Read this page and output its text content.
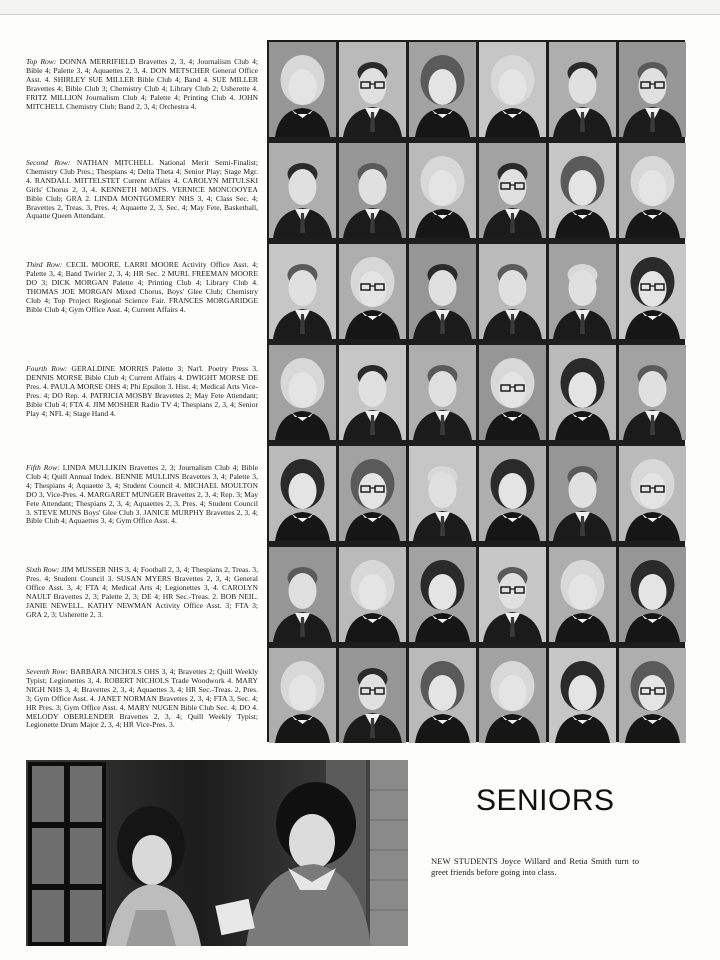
Top Row: DONNA MERRIFIELD Bravettes 2, 3, 4; Journalism Club 4; Bible 4; Palette 3, 4; Aquaettes 2, 3, 4. DON METSCHER General Office Asst. 4. SHIRLEY SUE MILLER Bible Club 4; Band 4. SUE MILLER Bravettes 4; Bible Club 3; Chemistry Club 4; Library Club 2; Usherette 4. FRITZ MILLION Journalism Club 4; Palette 4; Printing Club 4. JOHN MITCHELL Chemistry Club; Band 2, 3, 4; Orchestra 4.

Second Row: NATHAN MITCHELL National Merit Semi-Finalist; Chemistry Club Pres.; Thespians 4; Delta Theta 4; Senior Play; Stage Mgr. 4. RANDALL MITTELSTET Current Affairs 4. CAROLYN MITULSKI Girls' Chorus 2, 3, 4. KENNETH MOATS. VERNICE MONCOOYEA Bible Club; GRA 2. LINDA MONTGOMERY NHS 3, 4; Class Sec. 4; Bravettes 2, Treas. 3, Pres. 4; Aquaette 2, 3, Sec. 4; May Fete, Basketball, Aquatte Queen Attendant.

Third Row: CECIL MOORE. LARRI MOORE Activity Office Asst. 4; Palette 3, 4; Band Twirler 2, 3, 4; HR Sec. 2 MURL FREEMAN MOORE DO 3; DICK MORGAN Palette 4; Printing Club 4; Library Club 4. THOMAS JOE MORGAN Mixed Chorus, Boys' Glee Club; Chemistry Club 4; Top Project Regional Science Fair. FRANCES MORGARIDGE Bible Club 4; Gym Office Asst. 4; Current Affairs 4.

Fourth Row: GERALDINE MORRIS Palette 3; Nat'l. Poetry Press 3. DENNIS MORSE Bible Club 4; Current Affairs 4. DWIGHT MORSE DE Pres. 4. PAULA MORSE OHS 4; Phi Epsilon 3. Hist. 4; Medical Arts Vice-Pres. 4; DO Rep. 4. PATRICIA MOSBY Bravettes 2; May Fete Attendant; Bible Club 4; FTA 4. JIM MOSHER Radio TV 4; Thespians 2, 3, 4; Senior Play 4; NFL 4; Stage Hand 4.

Fifth Row: LINDA MULLIKIN Bravettes 2, 3; Journalism Club 4; Bible Club 4; Quill Annual Index. BENNIE MULLINS Bravettes 3, 4; Palette 3, 4; Thespians 4; Aquaette 3, 4; Student Council 4. MICHAEL MOULTON DO 3, Vice-Pres. 4. MARGARET MUNGER Bravettes 2, 3, 4; Rep. 3; May Fete Attendant; Thespians 2, 3, 4; Aquaettes 2, 3, Pres. 4; Student Council 3. STEVE MUNS Boys' Glee Club 3. JANICE MURPHY Bravettes 2, 3, 4; Bible Club 4; Aquaettes 3, 4; Gym Office Asst. 4.

Sixth Row: JIM MUSSER NHS 3, 4; Football 2, 3, 4; Thespians 2, Treas. 3, Pres. 4; Student Council 3. SUSAN MYERS Bravettes 2, 3, 4; General Office Asst. 3, 4; FTA 4; Medical Arts 4; Legionettes 3, 4. CAROLYN NAULT Bravettes 2, 3; Palette 2, 3; DE 4; HR Sec.-Treas. 2. BOB NEIL. JANIE NEWELL. KATHY NEWMAN Activity Office Asst. 3; FTA 3; GRA 2, 3; Usherette 2, 3.

Seventh Row: BARBARA NICHOLS OHS 3, 4; Bravettes 2; Quill Weekly Typist; Legionettes 3, 4. ROBERT NICHOLS Trade Woodwork 4. MARY NIGH NHS 3, 4; Bravettes 2, 3, 4; Aquaettes 3, 4; HR Sec.-Treas. 2, Pres. 3; Gym Office Asst. 4. JANET NORMAN Bravettes 2, 3, 4; FTA 3, Sec. 4; HR Pres. 3; Gym Office Asst. 4. MARY NUGEN Bible Club Sec. 4; DO 4. MELODY OBERLENDER Bravettes 2, 3, 4; Quill Weekly Typist; Legionette Drum Major 2, 3, 4; HR Vice-Pres. 3.

SENIORS

NEW STUDENTS Joyce Willard and Retia Smith turn to greet friends before going into class.
